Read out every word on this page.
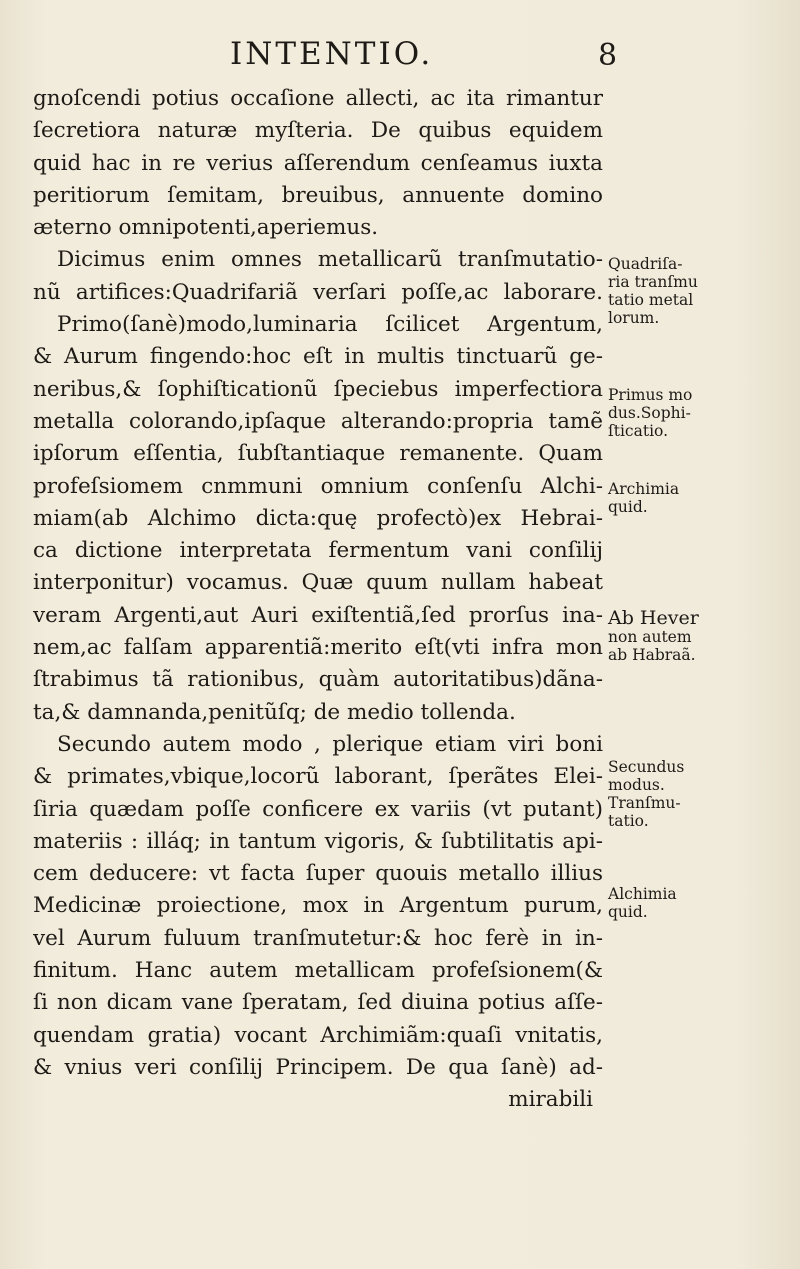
INTENTIO.	8
gnoſcendi potius occaſione allecti, ac ita rimantur
ſecretiora naturæ myſteria. De quibus equidem
quid hac in re verius aſſerendum cenſeamus iuxta
peritiorum ſemitam, breuibus, annuente domino
æterno omnipotenti,aperiemus.
Dicimus enim omnes metallicarũ tranſmutatio-
nũ artifices:Quadrifariã verſari poſſe,ac laborare.
Primo(ſanè)modo,luminaria ſcilicet Argentum,
& Aurum fingendo:hoc eſt in multis tinctuarũ ge-
neribus,& ſophiſticationũ ſpeciebus imperfectiora
metalla colorando,ipſaque alterando:propria tamẽ
ipſorum eſſentia, ſubſtantiaque remanente. Quam
profeſsiomem cnmmuni omnium conſenſu Alchi-
miam(ab Alchimo dicta:quę profectò)ex Hebrai-
ca dictione interpretata fermentum vani conſilij
interponitur) vocamus. Quæ quum nullam habeat
veram Argenti,aut Auri exiſtentiã,ſed prorſus ina-
nem,ac falſam apparentiã:merito eſt(vti infra mon
ſtrabimus tã rationibus, quàm autoritatibus)dãna-
ta,& damnanda,penitũſq; de medio tollenda.
Secundo autem modo , plerique etiam viri boni
& primates,vbique,locorũ laborant, ſperãtes Elei-
ſiria quædam poſſe conficere ex variis (vt putant)
materiis : illáq; in tantum vigoris, & ſubtilitatis api-
cem deducere: vt facta ſuper quouis metallo illius
Medicinæ proiectione, mox in Argentum purum,
vel Aurum fuluum tranſmutetur:& hoc ferè in in-
finitum. Hanc autem metallicam profeſsionem(&
ſi non dicam vane ſperatam, ſed diuina potius aſſe-
quendam gratia) vocant Archimiãm:quaſi vnitatis,
& vnius veri conſilij Principem. De qua ſanè) ad-
mirabili
Quadriſa-
ria tranſmu
tatio metal
lorum.
Primus mo
dus.Sophi-
ſticatio.
Archimia
quid.
Ab Hever
non autem
ab Habraã.
Secundus
modus.
Tranſmu-
tatio.
Alchimia
quid.
